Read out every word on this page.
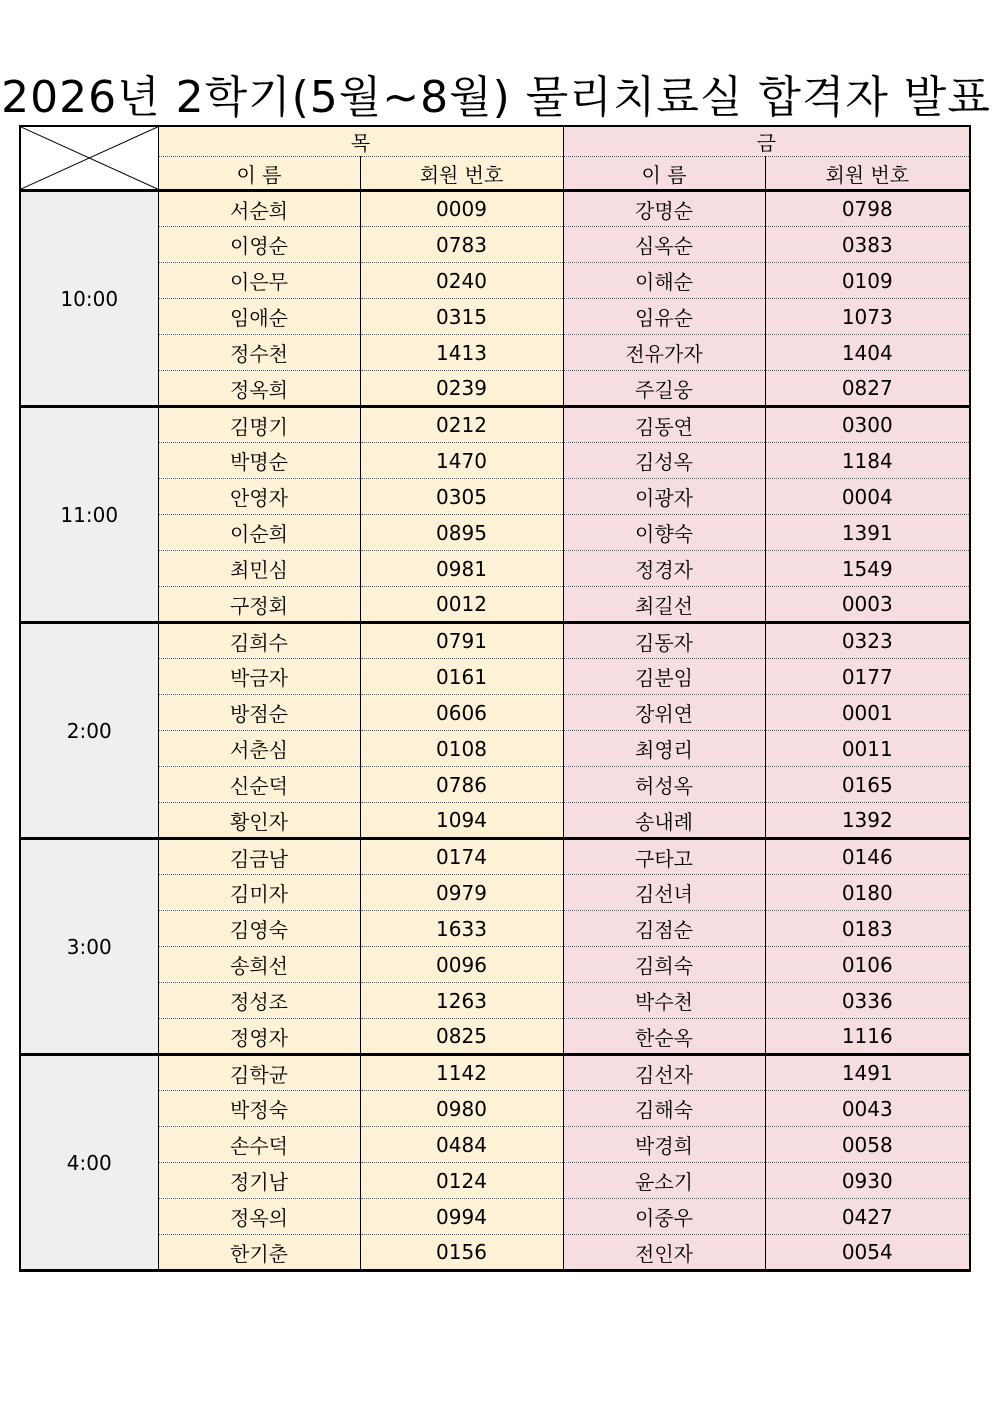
2026년 2학기(5월~8월) 물리치료실 합격자 발표
	목		금	
	이 름	회원 번호	이 름	회원 번호
10:00	서순희	0009	강명순	0798
	이영순	0783	심옥순	0383
	이은무	0240	이해순	0109
	임애순	0315	임유순	1073
	정수천	1413	전유가자	1404
	정옥희	0239	주길웅	0827
11:00	김명기	0212	김동연	0300
	박명순	1470	김성옥	1184
	안영자	0305	이광자	0004
	이순희	0895	이향숙	1391
	최민심	0981	정경자	1549
	구정회	0012	최길선	0003
2:00	김희수	0791	김동자	0323
	박금자	0161	김분임	0177
	방점순	0606	장위연	0001
	서춘심	0108	최영리	0011
	신순덕	0786	허성옥	0165
	황인자	1094	송내례	1392
3:00	김금남	0174	구타고	0146
	김미자	0979	김선녀	0180
	김영숙	1633	김점순	0183
	송희선	0096	김희숙	0106
	정성조	1263	박수천	0336
	정영자	0825	한순옥	1116
4:00	김학균	1142	김선자	1491
	박정숙	0980	김해숙	0043
	손수덕	0484	박경희	0058
	정기남	0124	윤소기	0930
	정옥의	0994	이중우	0427
	한기춘	0156	전인자	0054
